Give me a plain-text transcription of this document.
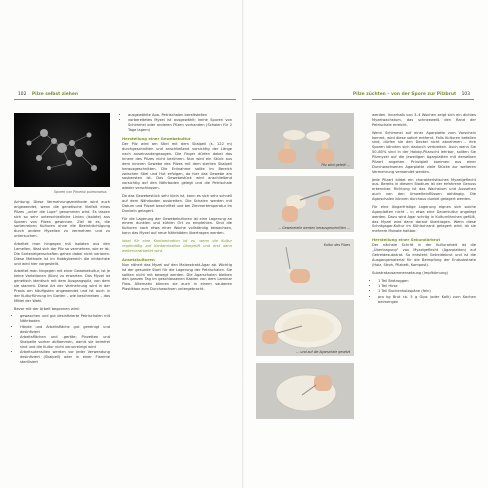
102 Pilze selbst ziehen
Sporen von Phoenix pulmonarius

Achtung: Diese Vermehrungsmethode wird auch angewendet, wenn die genetische Vielfalt eines Pilzes „unter die Lupe“ genommen wird. Es lassen sich so sehr unterschiedliche Linien (Isolate) aus Sporen von Pilzen gewinnen. Ziel ist es, die sortenreinen Kulturen ohne die Beeinträchtigung durch andere Myzelien zu vermehren und zu untersuchen.

Arbeitet man hingegen mit Isolaten aus den Lamellen, lässt sich der Pilz so vermehren, wie er ist. Die Sorteneigenschaften gehen dabei nicht verloren. Diese Methode ist im Hobbybereich die einfachste und wird hier vorgestellt.

Arbeitet man hingegen mit einer Gewebekultur, ist je keine Variationen (Klon) zu erwarten. Das Myzel ist genetisch identisch mit dem Ausgangspilz, von dem sie stammt. Diese Art der Vermehrung wird in der Praxis am häufigsten angewendet und ist auch in der Kulturführung im Garten – wie beschrieben – das Mittel der Wahl.

Bevor mit der Arbeit begonnen wird:

• gewaschen und gut desinfizierte Petrischalen mit Nährboden
• Hände und Arbeitsfläche gut gereinigt und desinfiziert
• Arbeitsflächen und -geräte; Pinzetten und Skalpelle vorher abflammen, damit sie keimfrei sind und die Kultur nicht verunreinigt wird
• Arbeitsutensilien werden vor jeder Verwendung desinfiziert (Skalpell) oder in einer Flamme sterilisiert
• ausgewählte Apo- Petrischalen bereitstellen
• vorbereitetes Myzel ist ausgewählt; keine Spuren von Schimmel oder anderen Pilzen vorhanden (Schalen für 2 Tage lagern)
Herstellung einer Gewebekultur

Der Pilz wird am Stiel mit dem Skalpell (s. 122 m) durchgeschnitten und anschließend vorsichtig der Länge nach auseinandergezogen. Die Finger dürfen dabei das Innere des Pilzes nicht berühren. Nun wird ein Stück aus dem inneren Gewebe des Pilzes mit dem sterilen Skalpell herausgeschnitten. Die Entnahme sollte im Bereich zwischen Stiel und Hut erfolgen, da hier das Gewebe am saubersten ist. Das Gewebestück wird anschließend vorsichtig auf den Nährboden gelegt und die Petrischale wieder verschlossen.

Da das Gewebestück sehr klein ist, kann es sich sehr schnell auf dem Nährboden ausbreiten. Die Schalen werden mit Datum und Pilzart beschriftet und bei Zimmertemperatur im Dunkeln gelagert.

Für die Lagerung der Gewebekulturen ist eine Lagerung an einem dunklen und kühlen Ort zu empfehlen. Sind die Kulturen nach etwa einer Woche vollständig bewachsen, kann das Myzel auf neue Nährböden übertragen werden.

Ideal für eine Kontamination ist es, wenn die Kultur regelmäßig auf Kontamination überprüft und erst dann weiterverarbeitet wird.

Ansetzkulturen

Nun nähert das Myzel auf den Malzextrakt-Agar ab. Wichtig ist der gesunde Start für die Lagerung der Petrischalen. Sie sollten nicht mit bewegt werden. Die Agarschalen bleiben den ganzen Tag im geschlossenen Kasten von dem Laminar Flow. Alternativ können sie auch in einem sauberen Plastikbox zum Durchwachsen untergebracht.

Pilze züchten – von der Spore zur Pilzbrut 103
Pilz wird geteilt …
… Gewebeteile werden herausgeschnitten …
Kultur des Pilzes
… und auf die Agarschale gesetzt

werden. Innerhalb von 3–4 Wochen zeigt sich ein dichtes Myzelwachstum, das schneeweiß den Rand der Petrischale erreicht.

Wenn Schimmel auf einer Agarplatte zum Vorschein kommt, wird diese sofort entfernt. Falls Kulturen befallen sind, dürfen sie den Deckel nicht abnehmen – ihre Sporen könnten sich dadurch verbreiten. Auch wenn Sie 50–80% sind in der Hobby-Pilzzucht lehrbar, sollten Sie Pilzmyzel auf die jeweiligen Agarplatten mit derselben Pilzart angehen. Prinzipiell kommen aus einer Durchwachsenen Agarplatte viele Stücke zur weiteren Vermehrung verwendet werden.

Jede Pilzart bildet ein charakteristisches Myzelgeflecht aus. Bereits in diesem Stadium ist der erfahrene Genuss erkennbar. Richtung ist das Wachstum und Aussehen auch von den Umwelteinflüssen abhängig. Die Agarschalen können durchaus dunkel gelagert werden.

Für eine längerfristige Lagerung eignen sich solche Agarplatten nicht – in etwa eine Dauerkultur angelegt werden. Dazu wird Agar schräg in Kulturröhrchen gefüllt, das Myzel wird dann darauf übertragen. Wenn diese Schrägagar-Kultur im Kühlschrank gelagert wird, ist sie mehrere Monate haltbar.

Herstellung einer Sekundärbrut

Der nächste Schritt in der Kulturarbeit ist die „Übertragung“ von Myzelgeflecht (Agarplatten) auf Getreidesubstrat. So entsteht Getreidebrut und ist die Ausgangsmaterial für die Beimpfung der Endsubstrate (Holz, Stroh, Pilzbett, Kompost).

Substratzusammensetzung (Impfkörnung)

• 1 Teil Brotroggen
• 1 Teil Hirse
• 1 Teil Buchenholzspäne (fein)
• pro kg Brut ca. 5 g Gips (oder Kalk) zum Kochen beimengen
